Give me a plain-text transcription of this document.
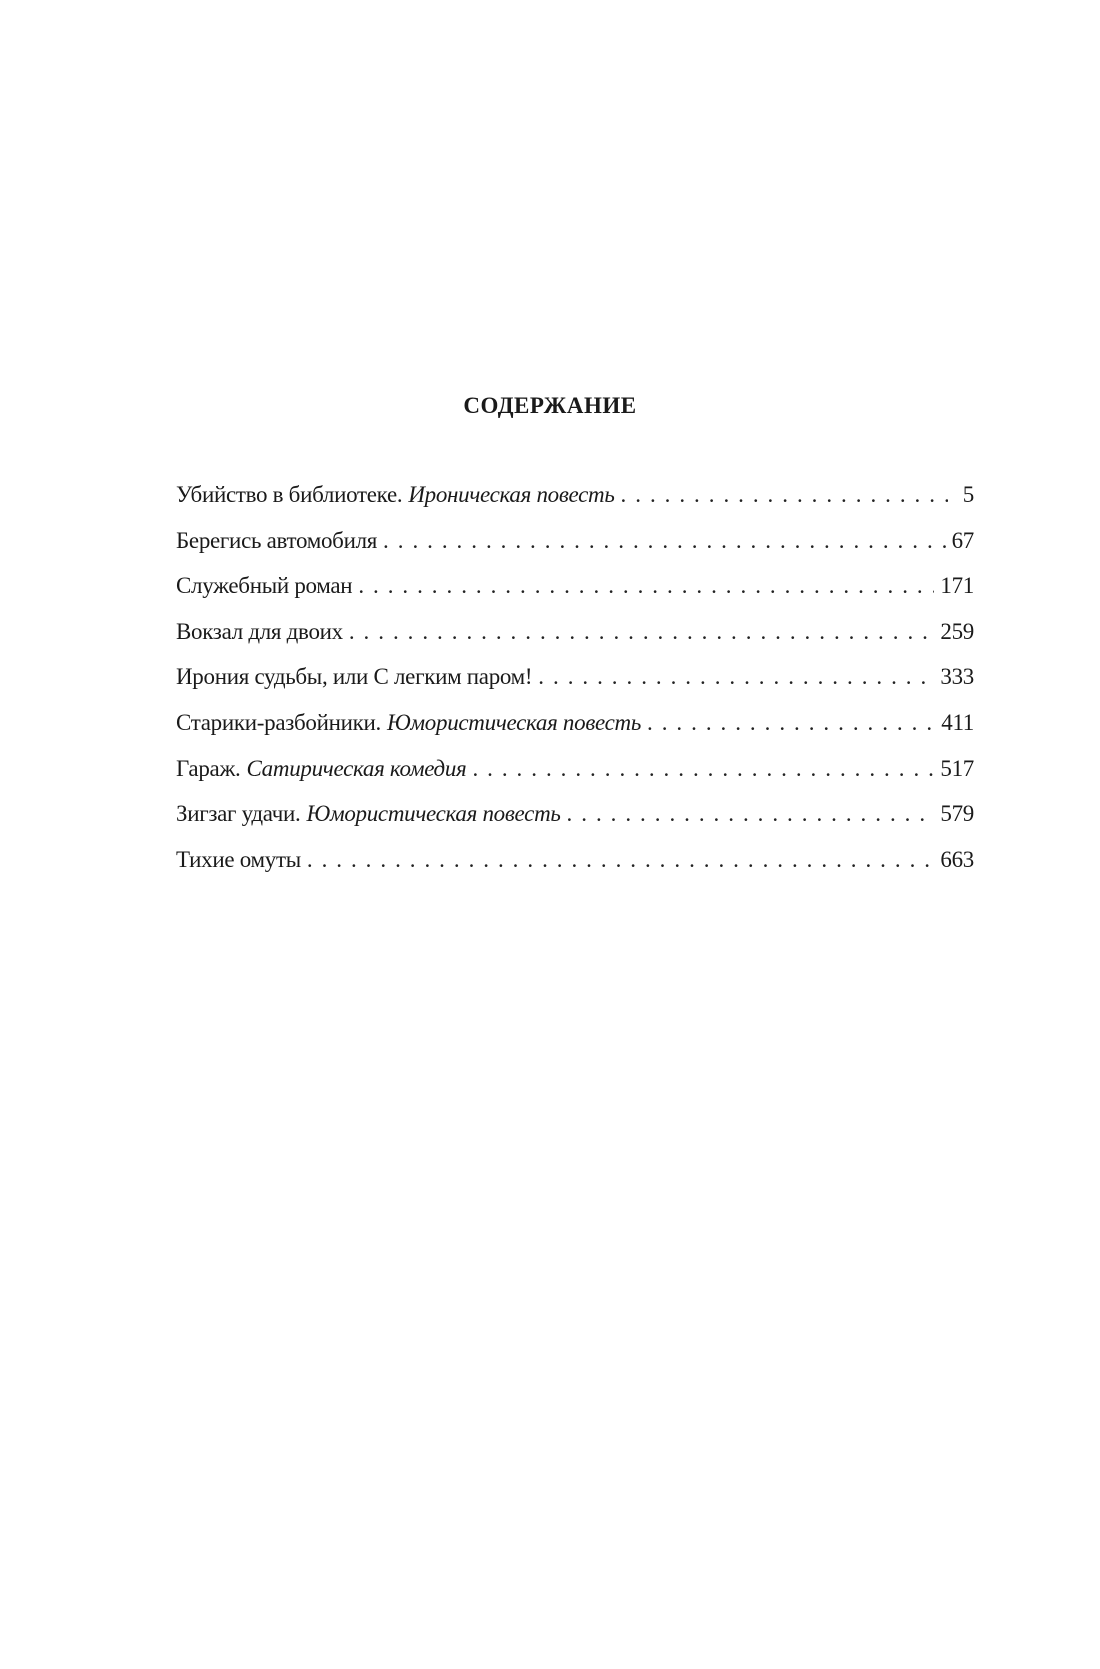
СОДЕРЖАНИЕ
Убийство в библиотеке. Ироническая повесть . . .	5
Берегись автомобиля . . .	67
Служебный роман . . .	171
Вокзал для двоих . . .	259
Ирония судьбы, или С легким паром! . . .	333
Старики-разбойники. Юмористическая повесть . . .	411
Гараж. Сатирическая комедия . . .	517
Зигзаг удачи. Юмористическая повесть . . .	579
Тихие омуты . . .	663
